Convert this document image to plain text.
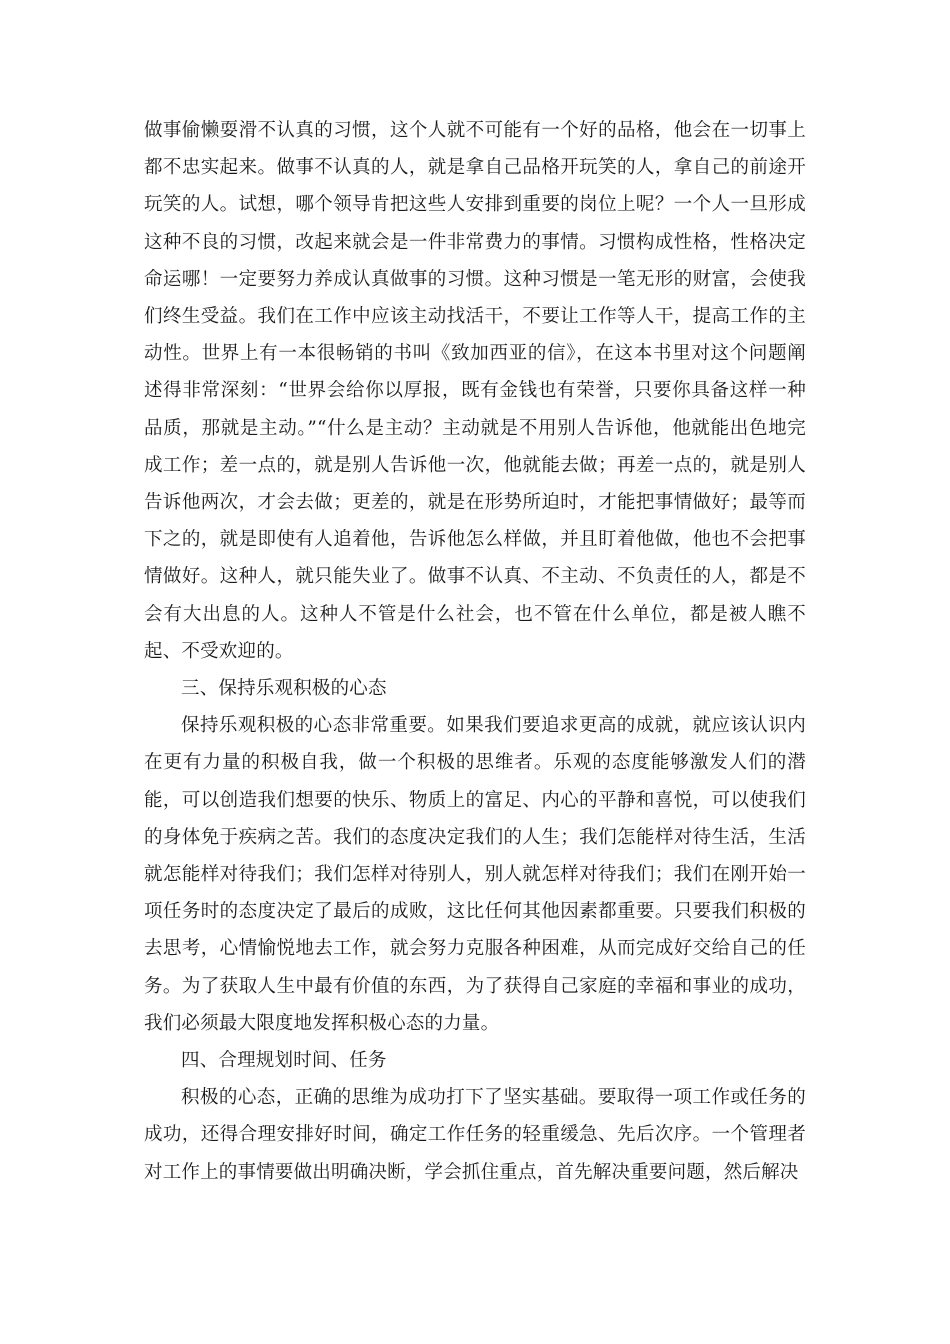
做事偷懒耍滑不认真的习惯，这个人就不可能有一个好的品格，他会在一切事上都不忠实起来。做事不认真的人，就是拿自己品格开玩笑的人，拿自己的前途开玩笑的人。试想，哪个领导肯把这些人安排到重要的岗位上呢？一个人一旦形成这种不良的习惯，改起来就会是一件非常费力的事情。习惯构成性格，性格决定命运哪！一定要努力养成认真做事的习惯。这种习惯是一笔无形的财富，会使我们终生受益。我们在工作中应该主动找活干，不要让工作等人干，提高工作的主动性。世界上有一本很畅销的书叫《致加西亚的信》，在这本书里对这个问题阐述得非常深刻：“世界会给你以厚报，既有金钱也有荣誉，只要你具备这样一种品质，那就是主动。”“什么是主动？主动就是不用别人告诉他，他就能出色地完成工作；差一点的，就是别人告诉他一次，他就能去做；再差一点的，就是别人告诉他两次，才会去做；更差的，就是在形势所迫时，才能把事情做好；最等而下之的，就是即使有人追着他，告诉他怎么样做，并且盯着他做，他也不会把事情做好。这种人，就只能失业了。做事不认真、不主动、不负责任的人，都是不会有大出息的人。这种人不管是什么社会，也不管在什么单位，都是被人瞧不起、不受欢迎的。

三、保持乐观积极的心态

保持乐观积极的心态非常重要。如果我们要追求更高的成就，就应该认识内在更有力量的积极自我，做一个积极的思维者。乐观的态度能够激发人们的潜能，可以创造我们想要的快乐、物质上的富足、内心的平静和喜悦，可以使我们的身体免于疾病之苦。我们的态度决定我们的人生；我们怎能样对待生活，生活就怎能样对待我们；我们怎样对待别人，别人就怎样对待我们；我们在刚开始一项任务时的态度决定了最后的成败，这比任何其他因素都重要。只要我们积极的去思考，心情愉悦地去工作，就会努力克服各种困难，从而完成好交给自己的任务。为了获取人生中最有价值的东西，为了获得自己家庭的幸福和事业的成功，我们必须最大限度地发挥积极心态的力量。

四、合理规划时间、任务

积极的心态，正确的思维为成功打下了坚实基础。要取得一项工作或任务的成功，还得合理安排好时间，确定工作任务的轻重缓急、先后次序。一个管理者对工作上的事情要做出明确决断，学会抓住重点，首先解决重要问题，然后解决
